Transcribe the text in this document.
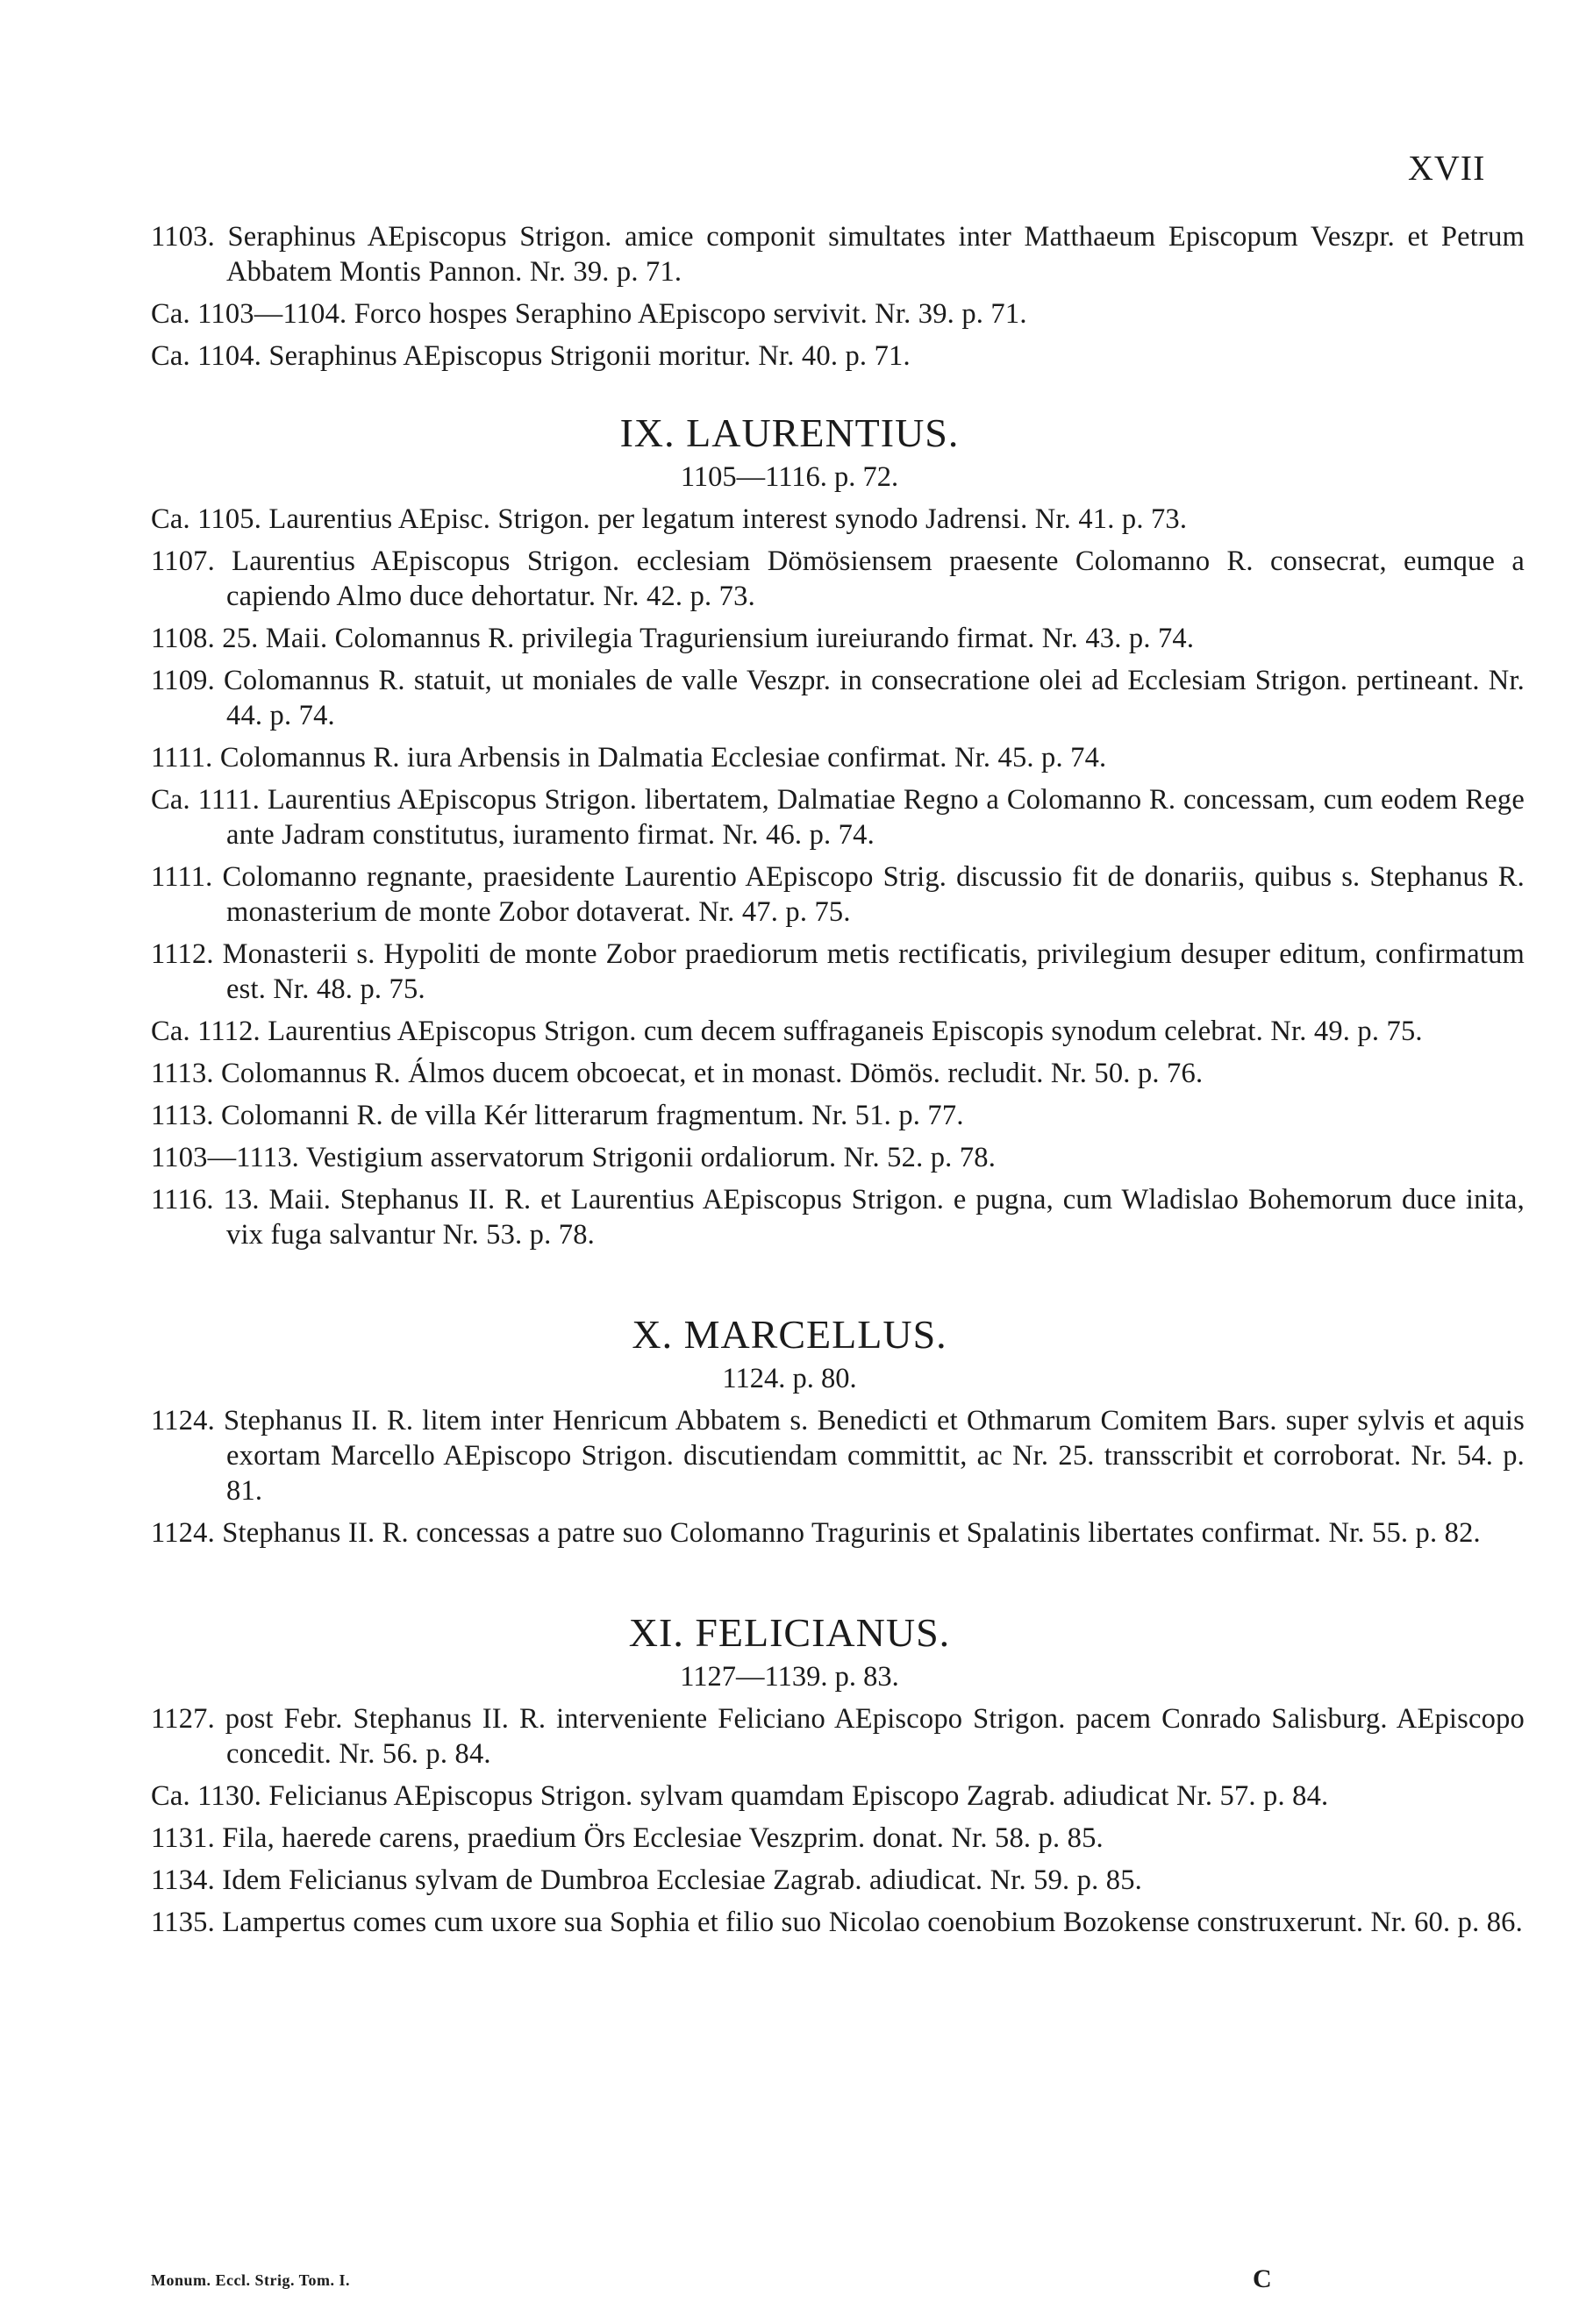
XVII

1103. Seraphinus AEpiscopus Strigon. amice componit simultates inter Matthaeum Episcopum Veszpr. et Petrum Abbatem Montis Pannon. Nr. 39. p. 71.

Ca. 1103—1104. Forco hospes Seraphino AEpiscopo servivit. Nr. 39. p. 71.

Ca. 1104. Seraphinus AEpiscopus Strigonii moritur. Nr. 40. p. 71.

IX. LAURENTIUS.
1105—1116. p. 72.

Ca. 1105. Laurentius AEpisc. Strigon. per legatum interest synodo Jadrensi. Nr. 41. p. 73.

1107. Laurentius AEpiscopus Strigon. ecclesiam Dömösiensem praesente Colomanno R. consecrat, eumque a capiendo Almo duce dehortatur. Nr. 42. p. 73.

1108. 25. Maii. Colomannus R. privilegia Traguriensium iureiurando firmat. Nr. 43. p. 74.

1109. Colomannus R. statuit, ut moniales de valle Veszpr. in consecratione olei ad Ecclesiam Strigon. pertineant. Nr. 44. p. 74.

1111. Colomannus R. iura Arbensis in Dalmatia Ecclesiae confirmat. Nr. 45. p. 74.

Ca. 1111. Laurentius AEpiscopus Strigon. libertatem, Dalmatiae Regno a Colomanno R. concessam, cum eodem Rege ante Jadram constitutus, iuramento firmat. Nr. 46. p. 74.

1111. Colomanno regnante, praesidente Laurentio AEpiscopo Strig. discussio fit de donariis, quibus s. Stephanus R. monasterium de monte Zobor dotaverat. Nr. 47. p. 75.

1112. Monasterii s. Hypoliti de monte Zobor praediorum metis rectificatis, privilegium desuper editum, confirmatum est. Nr. 48. p. 75.

Ca. 1112. Laurentius AEpiscopus Strigon. cum decem suffraganeis Episcopis synodum celebrat. Nr. 49. p. 75.

1113. Colomannus R. Álmos ducem obcoecat, et in monast. Dömös. recludit. Nr. 50. p. 76.

1113. Colomanni R. de villa Kér litterarum fragmentum. Nr. 51. p. 77.

1103—1113. Vestigium asservatorum Strigonii ordaliorum. Nr. 52. p. 78.

1116. 13. Maii. Stephanus II. R. et Laurentius AEpiscopus Strigon. e pugna, cum Wladislao Bohemorum duce inita, vix fuga salvantur Nr. 53. p. 78.

X. MARCELLUS.
1124. p. 80.

1124. Stephanus II. R. litem inter Henricum Abbatem s. Benedicti et Othmarum Comitem Bars. super sylvis et aquis exortam Marcello AEpiscopo Strigon. discutiendam committit, ac Nr. 25. transscribit et corroborat. Nr. 54. p. 81.

1124. Stephanus II. R. concessas a patre suo Colomanno Tragurinis et Spalatinis libertates confirmat. Nr. 55. p. 82.

XI. FELICIANUS.
1127—1139. p. 83.

1127. post Febr. Stephanus II. R. interveniente Feliciano AEpiscopo Strigon. pacem Conrado Salisburg. AEpiscopo concedit. Nr. 56. p. 84.

Ca. 1130. Felicianus AEpiscopus Strigon. sylvam quamdam Episcopo Zagrab. adiudicat Nr. 57. p. 84.

1131. Fila, haerede carens, praedium Örs Ecclesiae Veszprim. donat. Nr. 58. p. 85.

1134. Idem Felicianus sylvam de Dumbroa Ecclesiae Zagrab. adiudicat. Nr. 59. p. 85.

1135. Lampertus comes cum uxore sua Sophia et filio suo Nicolao coenobium Bozokense construxerunt. Nr. 60. p. 86.

Monum. Eccl. Strig. Tom. I.	C
